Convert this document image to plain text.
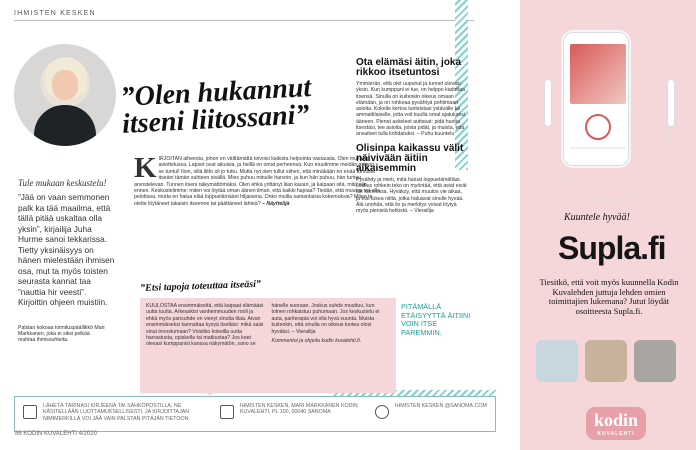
IHMISTEN KESKEN
”Olen hukannut itseni liitossani”
Tule mukaan keskustelu!
”Jää on vaan semmonen palk ka tää maailma, että tällä pitää uskaltaa olla yksin”, kirjailija Juha Hurme sanoi tekkarissa. Tietty yksinäisyys on hänen mielestään ihmisen osa, mut ta myös toisten seurasta kannat taa ”nauttia hir veesti”. Kirjoittin ohjeen muistiin.
Palstan kokoaa toimituspäällikkö Mari Markkanen, joka ei siksi pelkää mahtaa ihmissuhteita.
K IRJOITAN aiheesta, johon en välttämättä toivoisi kaikista helpointa vastausta. Olen mukana aviottelussa. Lapset ovat aikuisia, ja heillä on omat perheensä. Kun muutimme meidän avioon, se tuntui! Iloin, sillä liitto oli jo tuttu. Mutta nyt olen tullut siihen, että minäkään en enää tunnista itseäni tämän suhteen sisällä. Mies puhuu minulle harvoin, ja kun hän puhuu, hän tuntuu arvostelevan. Tunnen itseni näkymättömäksi. Olen ehkä yrittänyt liian kauan, ja kaipaan sitä, mitä olin ennen. Keskustelimme: miten voi löytää oman äänen ilman, että kaikki hajoaa? Tiedän, että muutos voi olla pelottava, mutta en halua elää loppuelämääni hiljaisena. Onko muilla samanlaisia kokemuksia? Miten te olette löytäneet takaisin itseenne tai päättäneet lähteä? – Näyttelijä
”Etsi tapoja toteuttaa itseäsi”
KUULOSTAA ensimmäiseltä, että kaipaat elämääsi uutta tuulta. Arkeaskisi vanhemmuuden rooli ja ehkä myös parisuhde on vienyt sinulta tilaa. Aivan ensimmäiseksi kannattaa kysyä itseltäsi: mikä saisi sinut innostumaan? Voisitko kokeilla uutta harrastusta, opiskella tai matkustaa? Jos koet olevasi kumppanisi kanssa näkymätön, sano se hänelle suoraan. Joskus suhde muuttuu, kun toinen rohkaistuu puhumaan. Jos keskustelu ei auta, pariterapia voi olla hyvä suunta. Muista kuitenkin, että sinulla on oikeus tuntea olosi hyväksi. – Vierailija
Kommentoi ja ohjeita kodin kuvalehti.fi.
Ota elämäsi äitin, joka rikkoo itsetuntosi
Ymmärrän, että olet uupunut ja tunnet olevasi yksin. Kun kumppani ei tue, on helppo kadottaa itsensä. Sinulla on kuitenkin oikeus omaan elämään, ja on rohkeaa pysähtyä pohtimaan asioita. Kokeile kertoa tunteistasi ystävälle tai ammattilaiselle, jotta voit kuulla omat ajatuksesi ääneen. Pienet askeleet auttavat: pidä huolta itsestäsi, tee asioita, joista pidät, ja muista, että ansaitset tulla kohdatuksi. – Puhu kuuntelu
Olisinpa kaikassu välit näivivään äitiin aikaisemmin
Pysähdy ja mieti, mitä haluat loppuelämältäsi. Joskus rohkein teko on myöntää, että asiat eivät ole kunnossa. Hyväksy, että muutos vie aikaa, ja etsi tukea niiltä, jotka haluavat sinulle hyvää. Älä unohda, että ilo ja merkitys voivat löytyä myös pienistä hetkistä. – Vierailija
PITÄMÄLLÄ ETÄISYYTTÄ ÄITIINI VOIN ITSE PAREMMIN.
LÄHETÄ TARINASI KIRJEENÄ TAI SÄHKÖPOSTILLA. NE KÄSITELLÄÄN LUOTTAMUKSELLISESTI. JA KIRJOITTAJAN NIMIMERKILLÄ VOI JÄÄ VAIN PALSTAN PITÄJÄN TIETOON.
IHMISTEN KESKEN, MARI MARKKANEN KODIN KUVALEHTI, PL 100, 00040 SANOMA
IHMISTEN KESKEN @SANOMA.COM
86 KODIN KUVALEHTI 4/2020
Kuuntele hyvää!
Supla.fi
Tiesitkö, että voit myös kuunnella Kodin Kuvalehden juttuja lehden omien toimittajien lukemana? Jutut löydät osoitteesta Supla.fi.
kodin
KUVALEHTI
